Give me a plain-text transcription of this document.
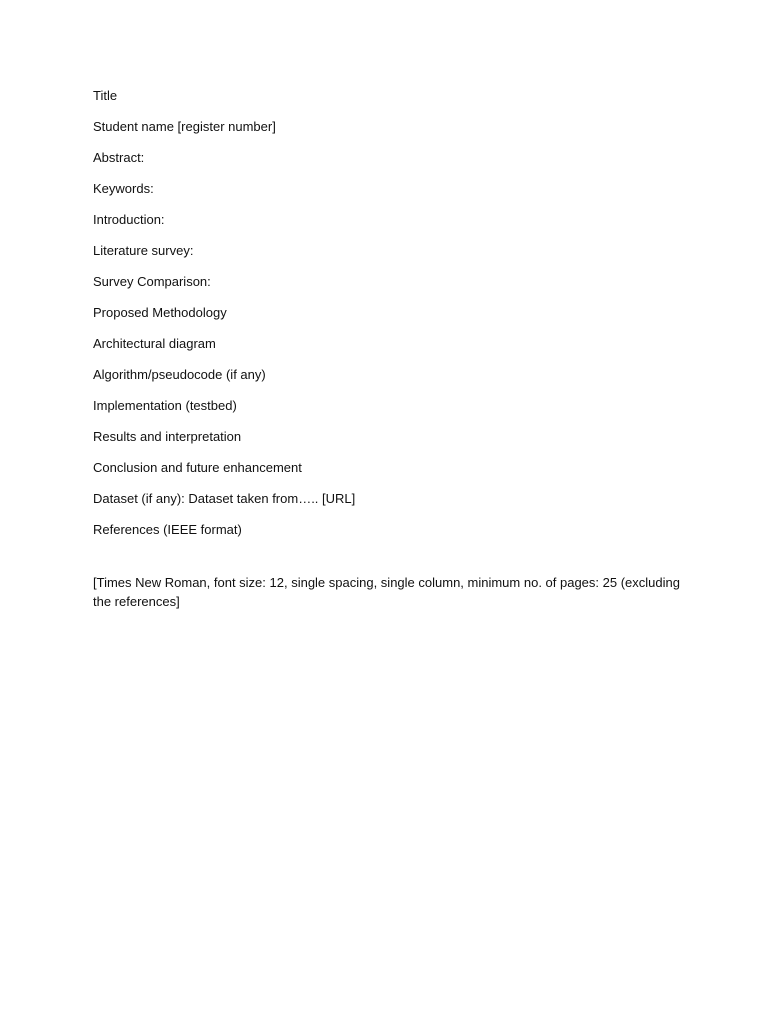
Title
Student name [register number]
Abstract:
Keywords:
Introduction:
Literature survey:
Survey Comparison:
Proposed Methodology
Architectural diagram
Algorithm/pseudocode (if any)
Implementation (testbed)
Results and interpretation
Conclusion and future enhancement
Dataset (if any): Dataset taken from….. [URL]
References (IEEE format)
[Times New Roman, font size: 12, single spacing, single column, minimum no. of pages: 25 (excluding the references]
